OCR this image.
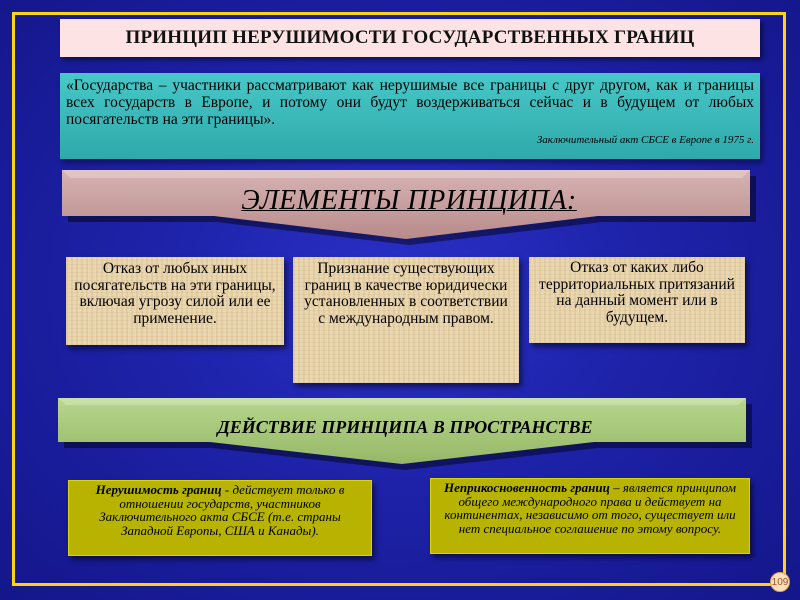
ПРИНЦИП НЕРУШИМОСТИ ГОСУДАРСТВЕННЫХ ГРАНИЦ

«Государства – участники рассматривают как нерушимые все границы с друг другом, как и границы всех государств в Европе, и потому они будут воздерживаться сейчас и в будущем от любых посягательств на эти границы».

Заключительный акт СБСЕ в Европе в 1975 г.
ЭЛЕМЕНТЫ ПРИНЦИПА:
Отказ от любых иных посягательств на эти границы, включая угрозу силой или ее применение.
Признание существующих границ в качестве юридически установленных в соответствии с международным правом.
Отказ от каких либо территориальных притязаний на данный момент или в будущем.
ДЕЙСТВИЕ ПРИНЦИПА В ПРОСТРАНСТВЕ
Нерушимость границ - действует только в отношении государств, участников Заключительного акта СБСЕ (т.е. страны Западной Европы, США и Канады).
Неприкосновенность границ – является принципом общего международного права и действует на континентах, независимо от того, существует или нет специальное соглашение по этому вопросу.
109
